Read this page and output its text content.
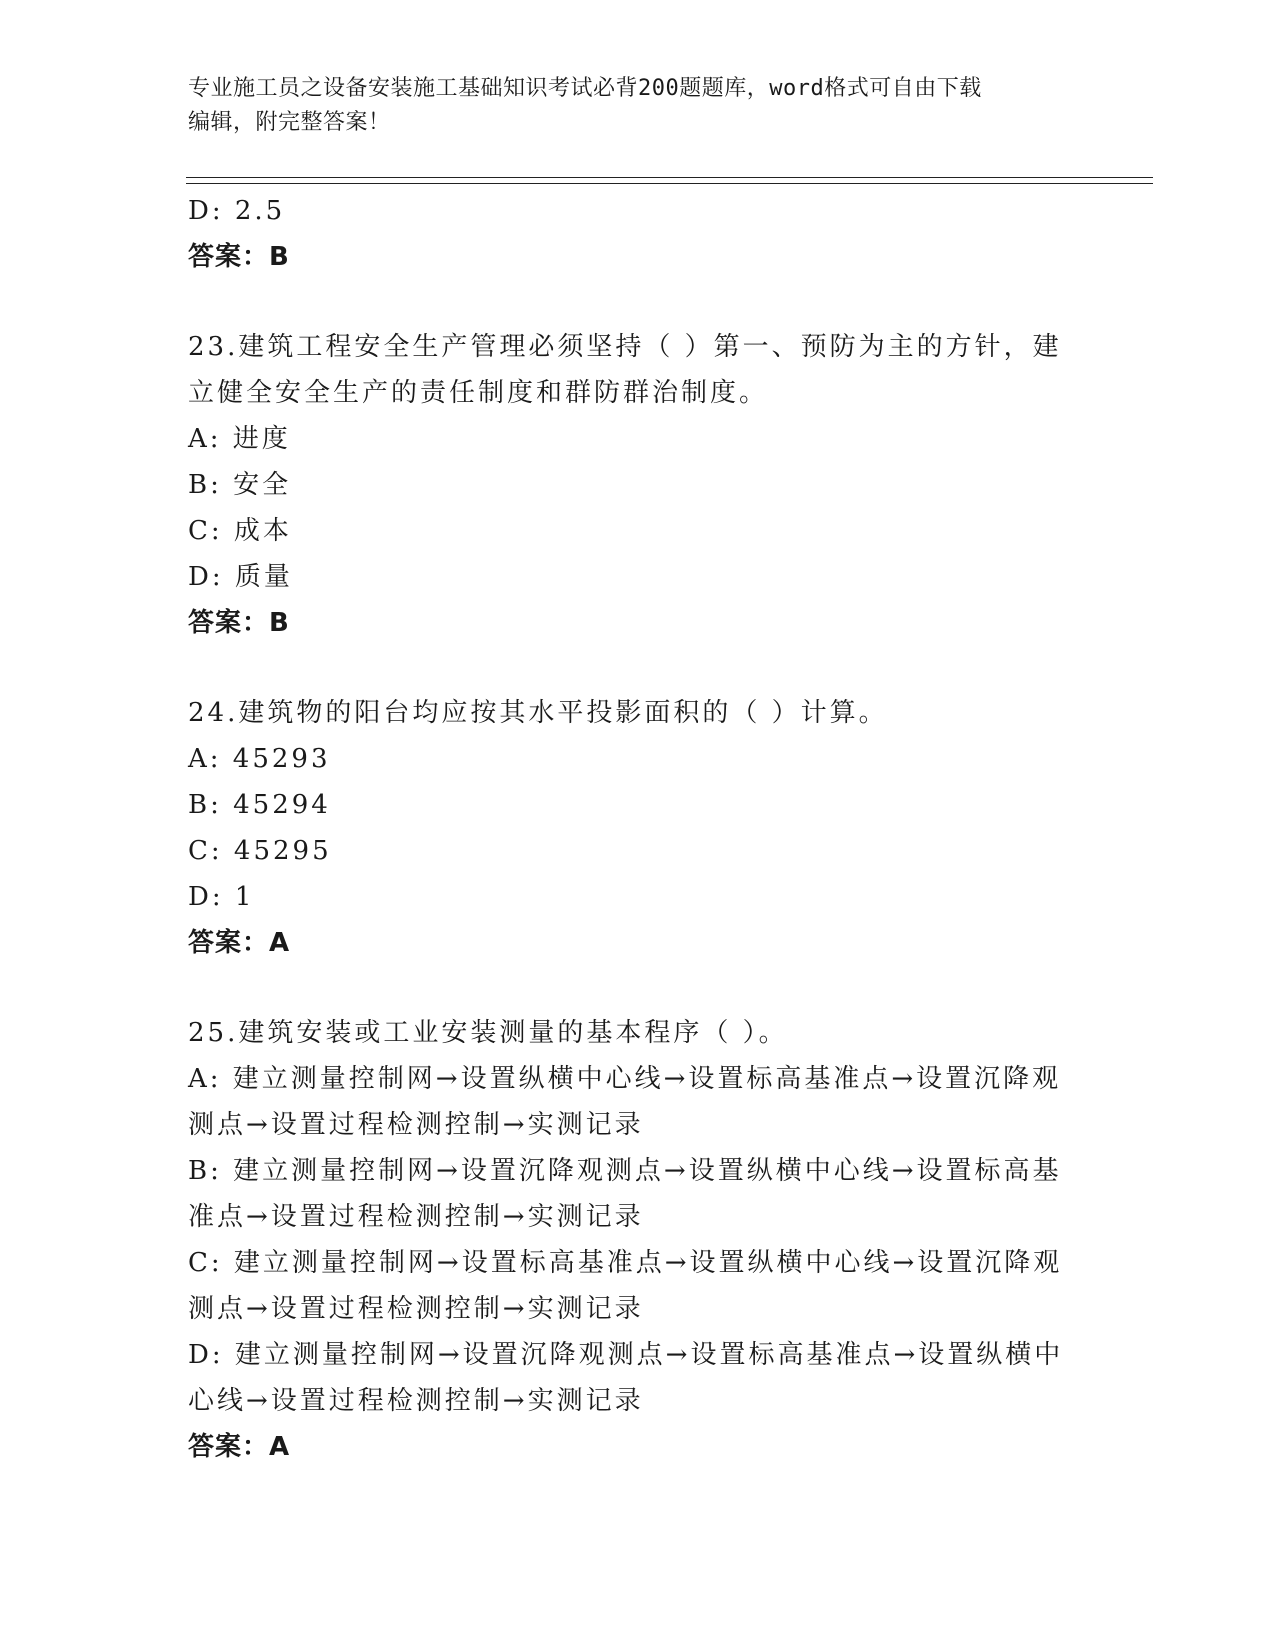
专业施工员之设备安装施工基础知识考试必背200题题库，word格式可自由下载
编辑，附完整答案！
D: 2.5
答案：B
23.建筑工程安全生产管理必须坚持（ ）第一、预防为主的方针，建
立健全安全生产的责任制度和群防群治制度。
A: 进度
B: 安全
C: 成本
D: 质量
答案：B
24.建筑物的阳台均应按其水平投影面积的（ ）计算。
A: 45293
B: 45294
C: 45295
D: 1
答案：A
25.建筑安装或工业安装测量的基本程序（ ）。
A: 建立测量控制网→设置纵横中心线→设置标高基准点→设置沉降观
测点→设置过程检测控制→实测记录
B: 建立测量控制网→设置沉降观测点→设置纵横中心线→设置标高基
准点→设置过程检测控制→实测记录
C: 建立测量控制网→设置标高基准点→设置纵横中心线→设置沉降观
测点→设置过程检测控制→实测记录
D: 建立测量控制网→设置沉降观测点→设置标高基准点→设置纵横中
心线→设置过程检测控制→实测记录
答案：A
